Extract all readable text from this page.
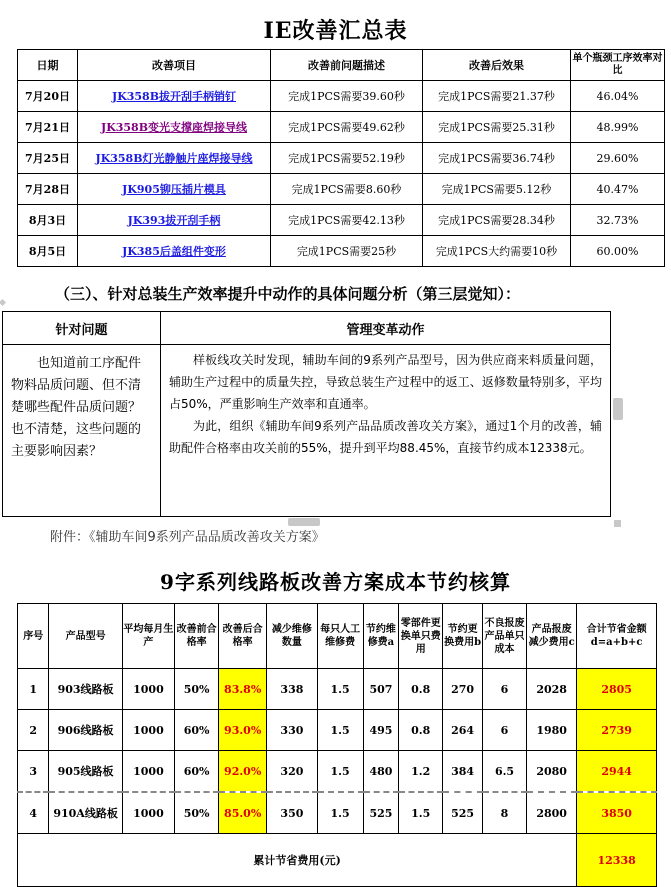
IE改善汇总表
日期	改善项目	改善前问题描述	改善后效果	单个瓶颈工序效率对比
7月20日	JK358B拔开刮手柄销钉	完成1PCS需要39.60秒	完成1PCS需要21.37秒	46.04%
7月21日	JK358B变光支撑座焊接导线	完成1PCS需要49.62秒	完成1PCS需要25.31秒	48.99%
7月25日	JK358B灯光静触片座焊接导线	完成1PCS需要52.19秒	完成1PCS需要36.74秒	29.60%
7月28日	JK905铆压插片模具	完成1PCS需要8.60秒	完成1PCS需要5.12秒	40.47%
8月3日	JK393拔开刮手柄	完成1PCS需要42.13秒	完成1PCS需要28.34秒	32.73%
8月5日	JK385后盖组件变形	完成1PCS需要25秒	完成1PCS大约需要10秒	60.00%
（三）、针对总装生产效率提升中动作的具体问题分析（第三层觉知）：
针对问题	管理变革动作
也知道前工序配件物料品质问题、但不清楚哪些配件品质问题？也不清楚，这些问题的主要影响因素？	样板线攻关时发现，辅助车间的9系列产品型号，因为供应商来料质量问题，辅助生产过程中的质量失控，导致总装生产过程中的返工、返修数量特别多，平均占50%，严重影响生产效率和直通率。

为此，组织《辅助车间9系列产品品质改善攻关方案》，通过1个月的改善，辅助配件合格率由攻关前的55%，提升到平均88.45%，直接节约成本12338元。

附件：《辅助车间9系列产品品质改善攻关方案》
9字系列线路板改善方案成本节约核算
序号	产品型号	平均每月生产	改善前合格率	改善后合格率	减少维修数量	每只人工维修费	节约维修费a	零部件更换单只费用	节约更换费用b	不良报废产品单只成本	产品报废减少费用c	合计节省金额d=a+b+c
1	903线路板	1000	50%	83.8%	338	1.5	507	0.8	270	6	2028	2805
2	906线路板	1000	60%	93.0%	330	1.5	495	0.8	264	6	1980	2739
3	905线路板	1000	60%	92.0%	320	1.5	480	1.2	384	6.5	2080	2944
4	910A线路板	1000	50%	85.0%	350	1.5	525	1.5	525	8	2800	3850
累计节省费用(元)												12338
